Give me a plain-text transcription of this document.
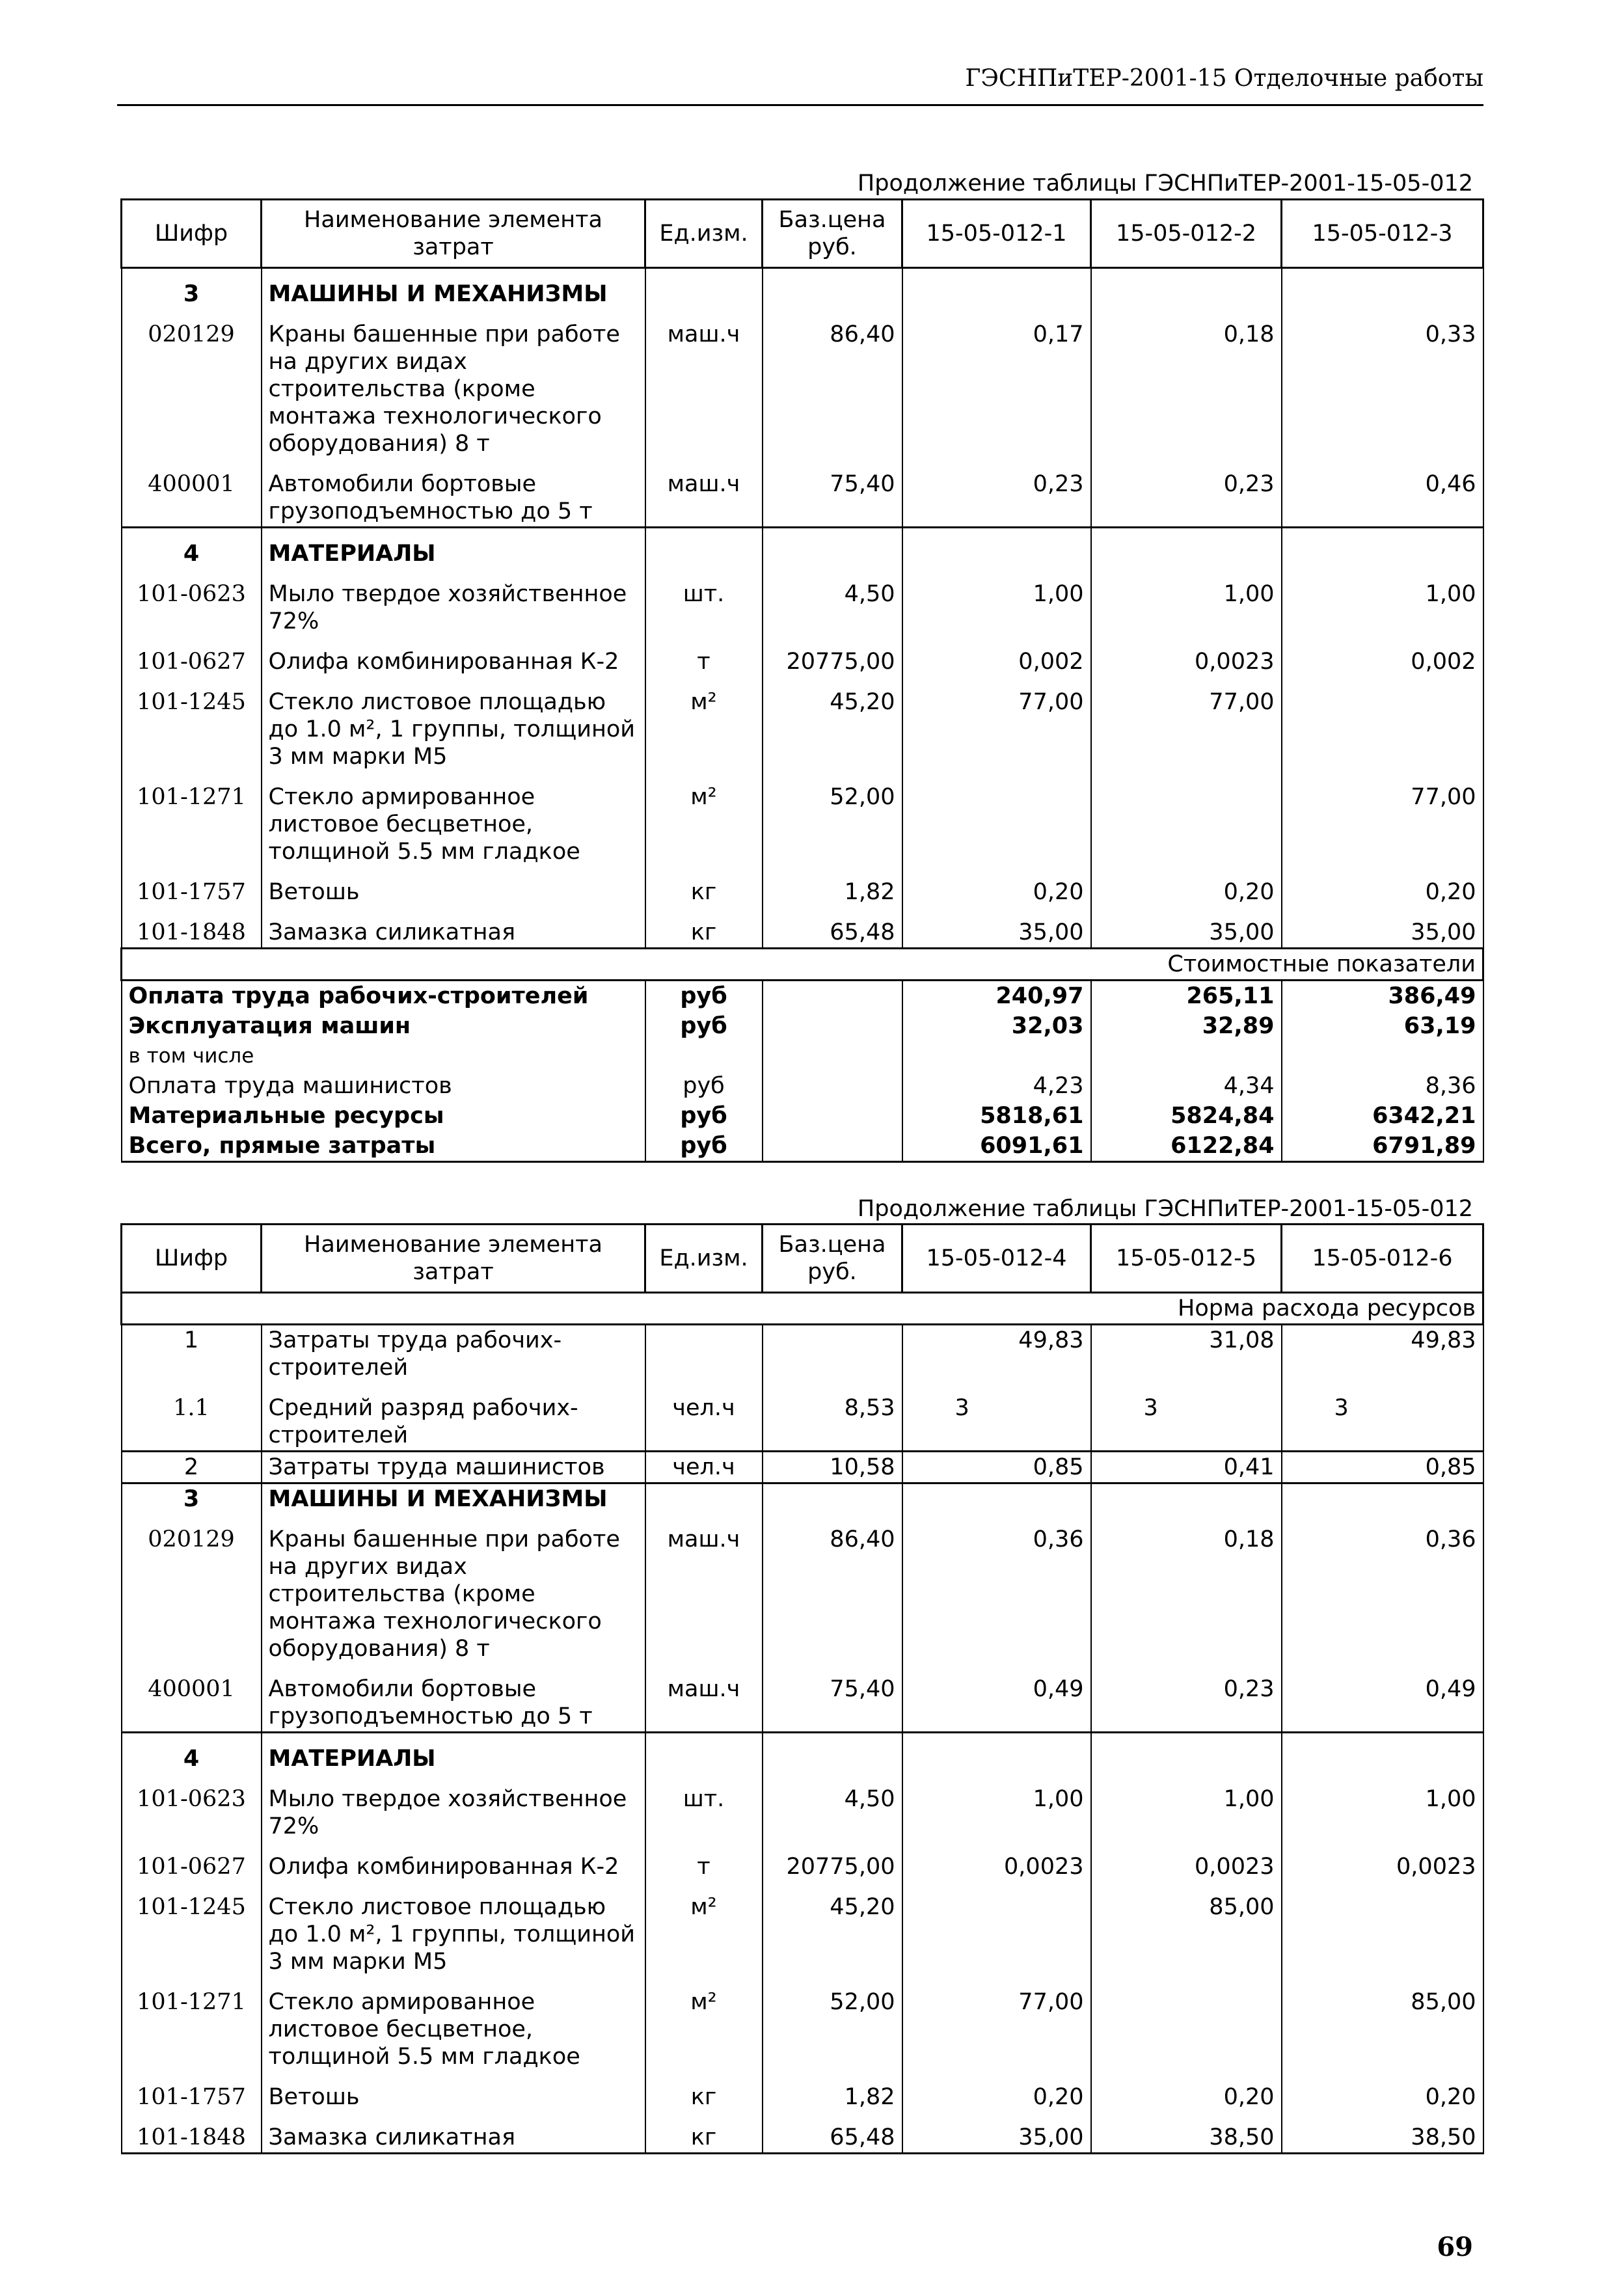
ГЭСНПиТЕР-2001-15 Отделочные работы
Продолжение таблицы ГЭСНПиТЕР-2001-15-05-012
Шифр	Наименование элемента затрат	Ед.изм.	Баз.цена руб.	15-05-012-1	15-05-012-2	15-05-012-3
3	МАШИНЫ И МЕХАНИЗМЫ					
020129	Краны башенные при работе на других видах строительства (кроме монтажа технологического оборудования) 8 т	маш.ч	86,40	0,17	0,18	0,33
400001	Автомобили бортовые грузоподъемностью до 5 т	маш.ч	75,40	0,23	0,23	0,46
4	МАТЕРИАЛЫ					
101-0623	Мыло твердое хозяйственное 72%	шт.	4,50	1,00	1,00	1,00
101-0627	Олифа комбинированная К-2	т	20775,00	0,002	0,0023	0,002
101-1245	Стекло листовое площадью до 1.0 м², 1 группы, толщиной 3 мм марки М5	м²	45,20	77,00	77,00	
101-1271	Стекло армированное листовое бесцветное, толщиной 5.5 мм гладкое	м²	52,00			77,00
101-1757	Ветошь	кг	1,82	0,20	0,20	0,20
101-1848	Замазка силикатная	кг	65,48	35,00	35,00	35,00
Стоимостные показатели						
Оплата труда рабочих-строителей		руб		240,97	265,11	386,49
Эксплуатация машин		руб		32,03	32,89	63,19
в том числе						
Оплата труда машинистов		руб		4,23	4,34	8,36
Материальные ресурсы		руб		5818,61	5824,84	6342,21
Всего, прямые затраты		руб		6091,61	6122,84	6791,89
Продолжение таблицы ГЭСНПиТЕР-2001-15-05-012
Шифр	Наименование элемента затрат	Ед.изм.	Баз.цена руб.	15-05-012-4	15-05-012-5	15-05-012-6
Норма расхода ресурсов						
1	Затраты труда рабочих-строителей			49,83	31,08	49,83
1.1	Средний разряд рабочих-строителей	чел.ч	8,53	3	3	3
2	Затраты труда машинистов	чел.ч	10,58	0,85	0,41	0,85
3	МАШИНЫ И МЕХАНИЗМЫ					
020129	Краны башенные при работе на других видах строительства (кроме монтажа технологического оборудования) 8 т	маш.ч	86,40	0,36	0,18	0,36
400001	Автомобили бортовые грузоподъемностью до 5 т	маш.ч	75,40	0,49	0,23	0,49
4	МАТЕРИАЛЫ					
101-0623	Мыло твердое хозяйственное 72%	шт.	4,50	1,00	1,00	1,00
101-0627	Олифа комбинированная К-2	т	20775,00	0,0023	0,0023	0,0023
101-1245	Стекло листовое площадью до 1.0 м², 1 группы, толщиной 3 мм марки М5	м²	45,20		85,00	
101-1271	Стекло армированное листовое бесцветное, толщиной 5.5 мм гладкое	м²	52,00	77,00		85,00
101-1757	Ветошь	кг	1,82	0,20	0,20	0,20
101-1848	Замазка силикатная	кг	65,48	35,00	38,50	38,50
69
